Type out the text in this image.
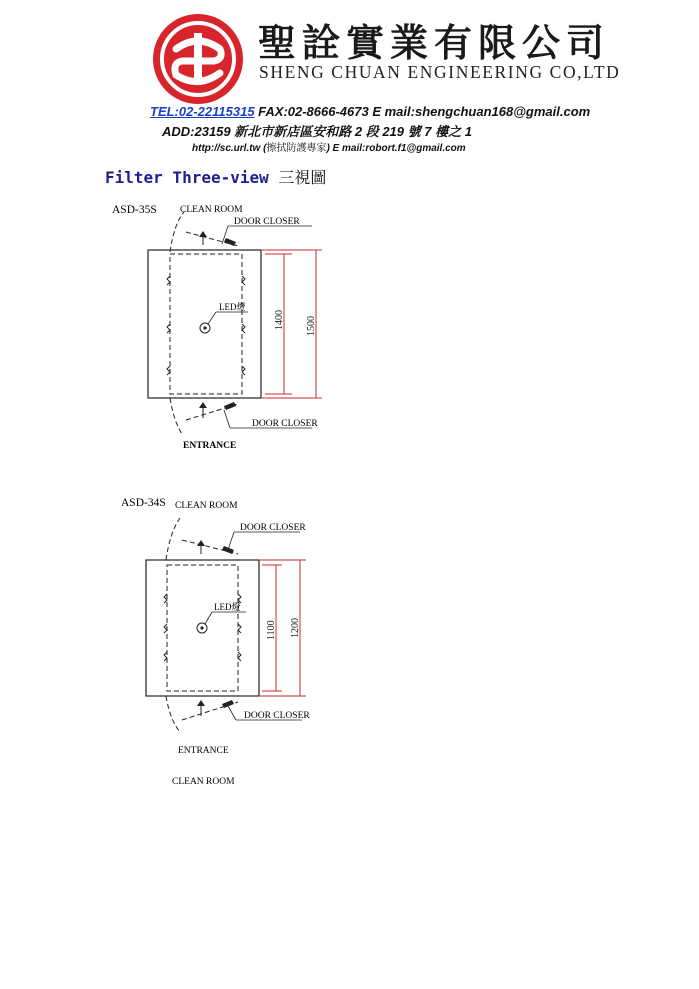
聖詮實業有限公司
SHENG CHUAN ENGINEERING CO,LTD
TEL:02-22115315 FAX:02-8666-4673 E mail:shengchuan168@gmail.com
ADD:23159 新北市新店區安和路 2 段 219 號 7 樓之 1
http://sc.url.tw (擦拭防護專家) E mail:robort.f1@gmail.com
Filter Three-view 三視圖
ASD-35S CLEAN ROOM
DOOR CLOSER
LED燈
1400 1500
DOOR CLOSER
ENTRANCE
ASD-34S CLEAN ROOM
DOOR CLOSER
LED燈
1100 1200
DOOR CLOSER
ENTRANCE
CLEAN ROOM
